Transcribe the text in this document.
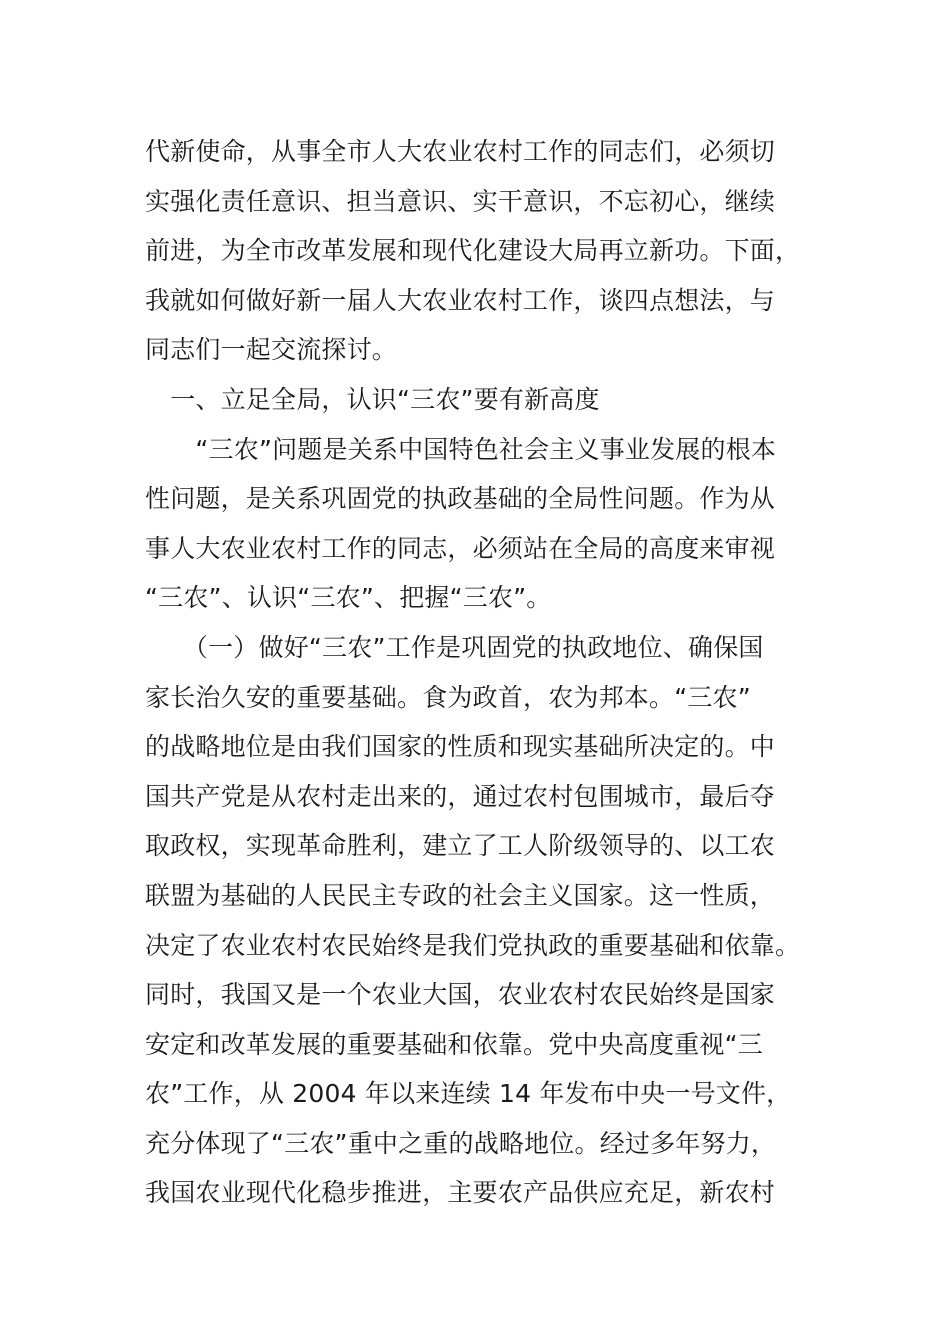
代新使命，从事全市人大农业农村工作的同志们，必须切
实强化责任意识、担当意识、实干意识，不忘初心，继续
前进，为全市改革发展和现代化建设大局再立新功。下面，
我就如何做好新一届人大农业农村工作，谈四点想法，与
同志们一起交流探讨。
　一、立足全局，认识“三农”要有新高度
　　“三农”问题是关系中国特色社会主义事业发展的根本
性问题，是关系巩固党的执政基础的全局性问题。作为从
事人大农业农村工作的同志，必须站在全局的高度来审视
“三农”、认识“三农”、把握“三农”。
　　（一）做好“三农”工作是巩固党的执政地位、确保国
家长治久安的重要基础。食为政首，农为邦本。“三农”
的战略地位是由我们国家的性质和现实基础所决定的。中
国共产党是从农村走出来的，通过农村包围城市，最后夺
取政权，实现革命胜利，建立了工人阶级领导的、以工农
联盟为基础的人民民主专政的社会主义国家。这一性质，
决定了农业农村农民始终是我们党执政的重要基础和依靠。
同时，我国又是一个农业大国，农业农村农民始终是国家
安定和改革发展的重要基础和依靠。党中央高度重视“三
农”工作，从 2004 年以来连续 14 年发布中央一号文件，
充分体现了“三农”重中之重的战略地位。经过多年努力，
我国农业现代化稳步推进，主要农产品供应充足，新农村
